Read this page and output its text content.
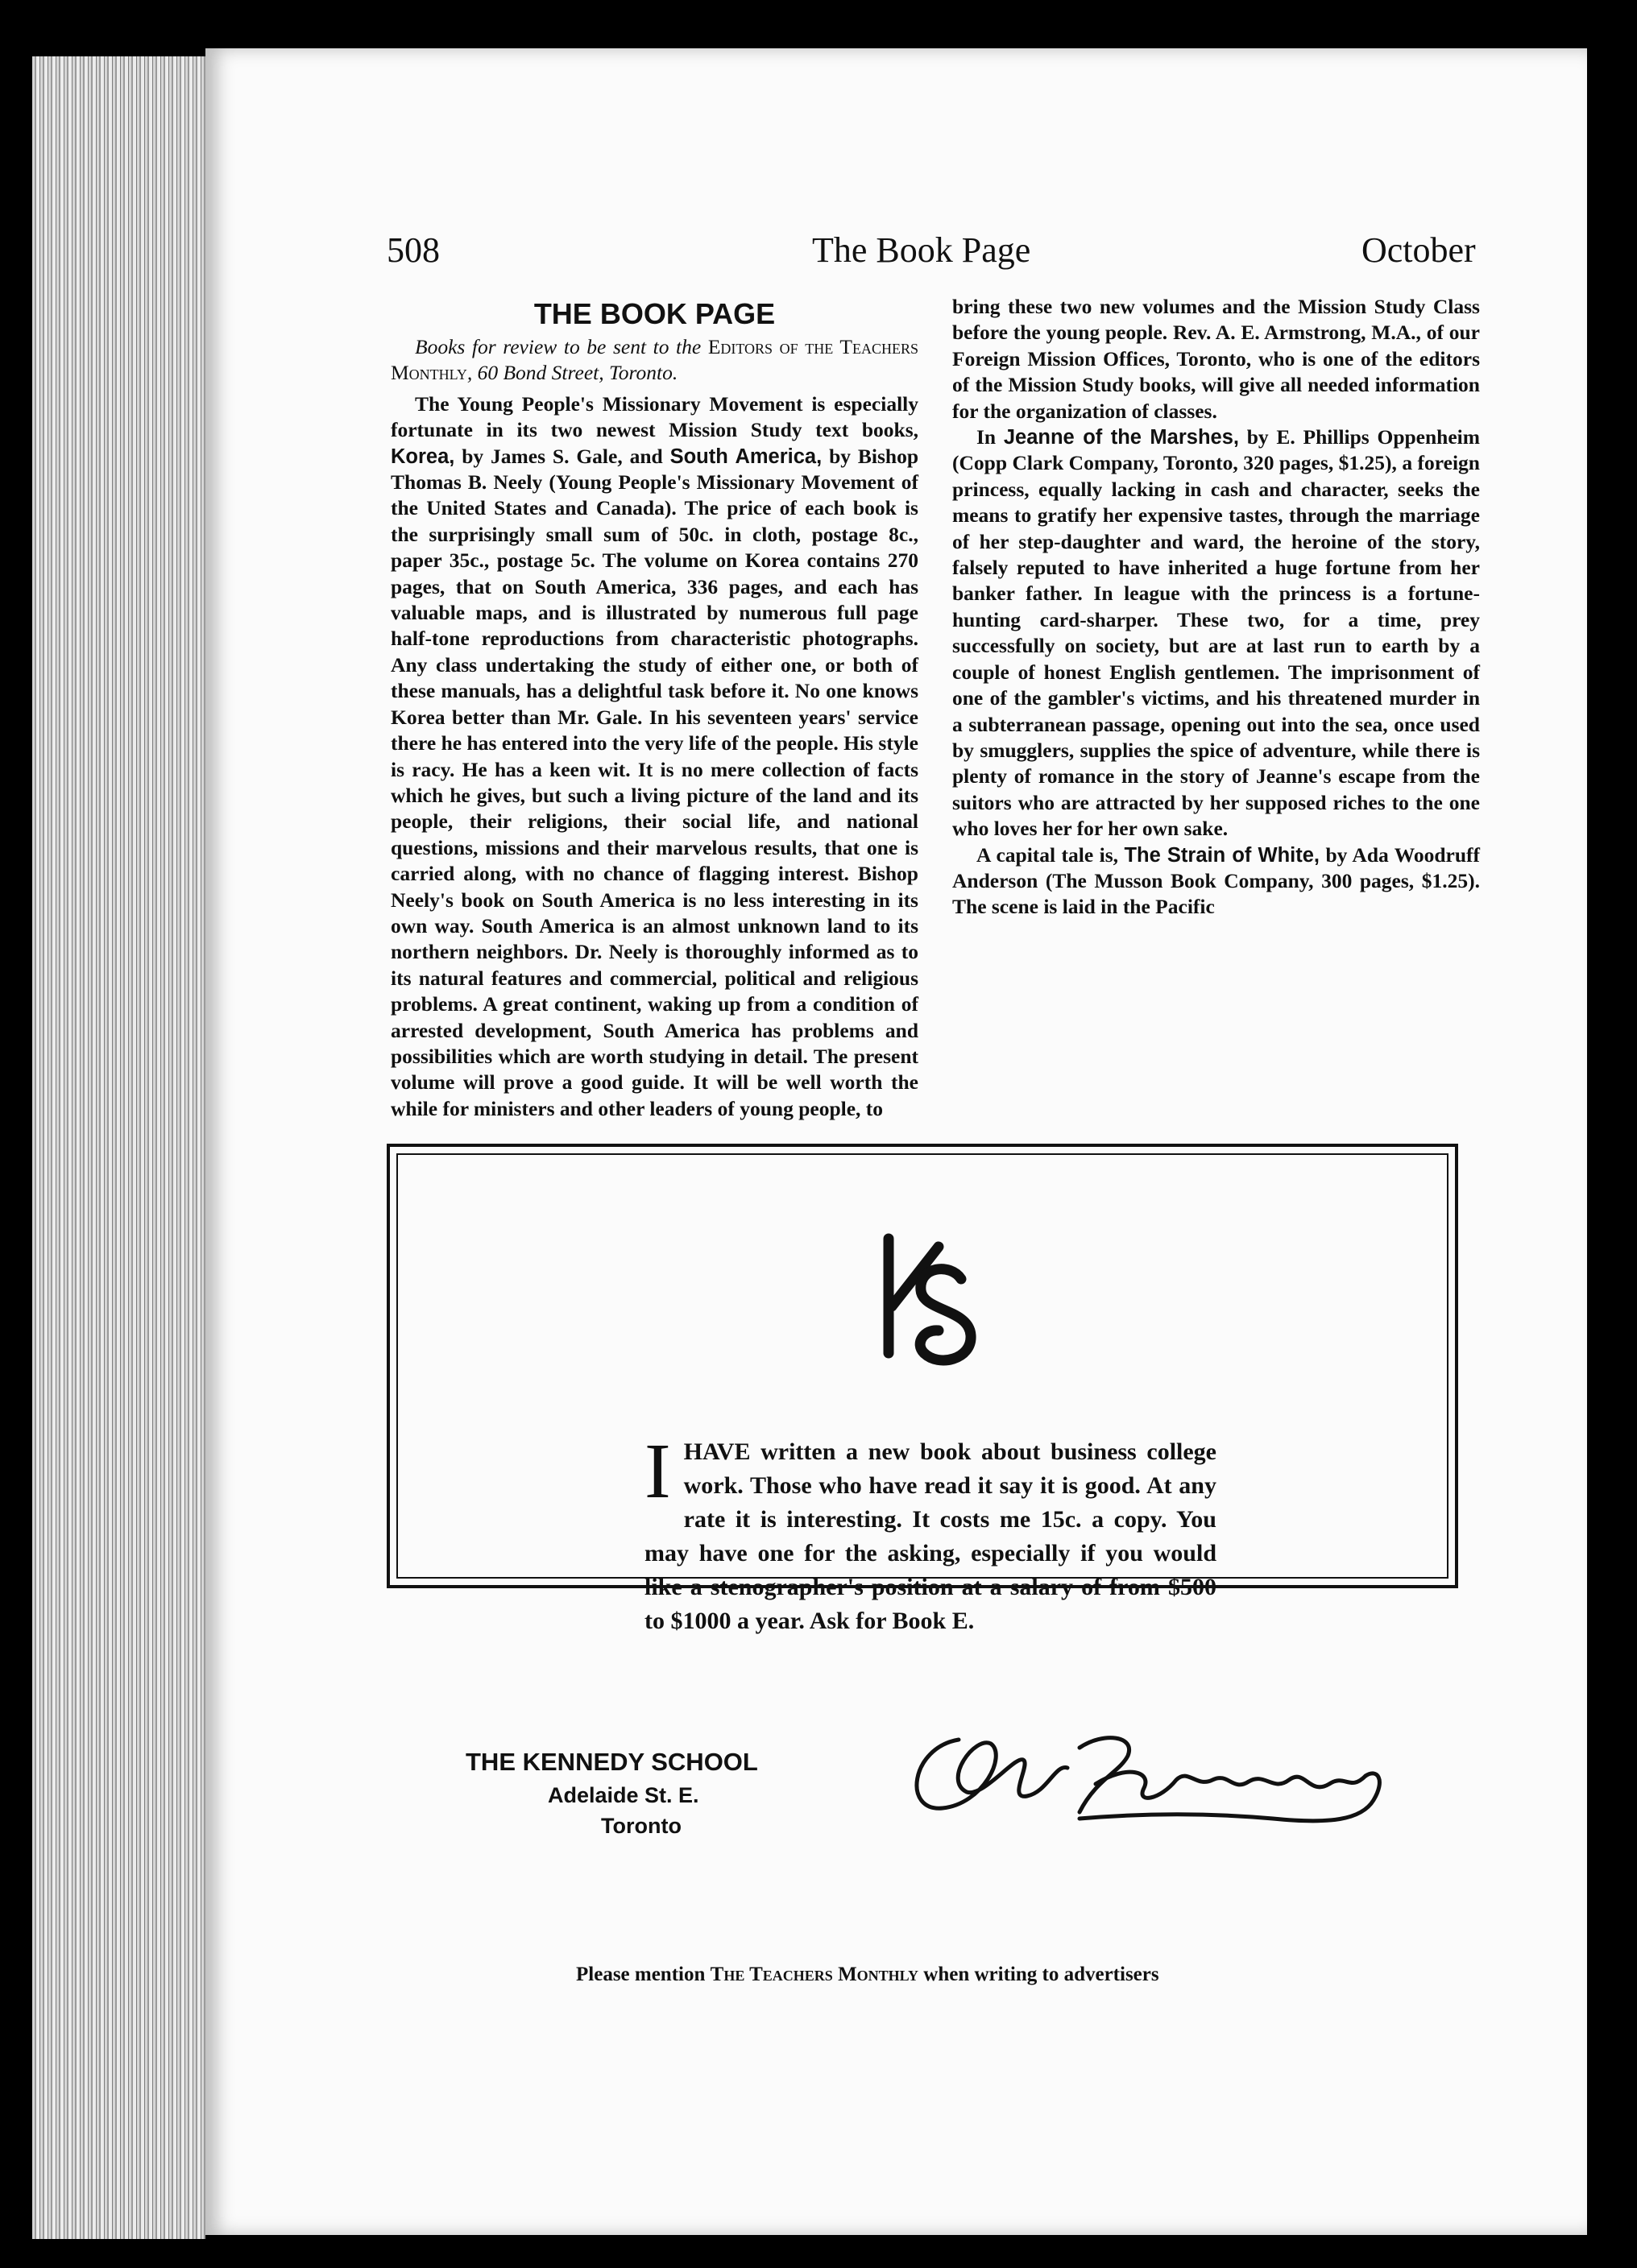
508	The Book Page	October
THE BOOK PAGE

Books for review to be sent to the Editors of the Teachers Monthly, 60 Bond Street, Toronto.

The Young People's Missionary Movement is especially fortunate in its two newest Mission Study text books, Korea, by James S. Gale, and South America, by Bishop Thomas B. Neely (Young People's Missionary Movement of the United States and Canada). The price of each book is the surprisingly small sum of 50c. in cloth, postage 8c., paper 35c., postage 5c. The volume on Korea contains 270 pages, that on South America, 336 pages, and each has valuable maps, and is illustrated by numerous full page half-tone reproductions from characteristic photographs. Any class undertaking the study of either one, or both of these manuals, has a delightful task before it. No one knows Korea better than Mr. Gale. In his seventeen years' service there he has entered into the very life of the people. His style is racy. He has a keen wit. It is no mere collection of facts which he gives, but such a living picture of the land and its people, their religions, their social life, and national questions, missions and their marvelous results, that one is carried along, with no chance of flagging interest. Bishop Neely's book on South America is no less interesting in its own way. South America is an almost unknown land to its northern neighbors. Dr. Neely is thoroughly informed as to its natural features and commercial, political and religious problems. A great continent, waking up from a condition of arrested development, South America has problems and possibilities which are worth studying in detail. The present volume will prove a good guide. It will be well worth the while for ministers and other leaders of young people, to

IHAVE written a new book about business college work. Those who have read it say it is good. At any rate it is interesting. It costs me 15c. a copy. You may have one for the asking, especially if you would like a stenographer's position at a salary of from $500 to $1000 a year. Ask for Book E.
THE KENNEDY SCHOOL
Adelaide St. E.
Toronto
Please mention The Teachers Monthly when writing to advertisers

bring these two new volumes and the Mission Study Class before the young people. Rev. A. E. Armstrong, M.A., of our Foreign Mission Offices, Toronto, who is one of the editors of the Mission Study books, will give all needed information for the organization of classes.

In Jeanne of the Marshes, by E. Phillips Oppenheim (Copp Clark Company, Toronto, 320 pages, $1.25), a foreign princess, equally lacking in cash and character, seeks the means to gratify her expensive tastes, through the marriage of her step-daughter and ward, the heroine of the story, falsely reputed to have inherited a huge fortune from her banker father. In league with the princess is a fortune-hunting card-sharper. These two, for a time, prey successfully on society, but are at last run to earth by a couple of honest English gentlemen. The imprisonment of one of the gambler's victims, and his threatened murder in a subterranean passage, opening out into the sea, once used by smugglers, supplies the spice of adventure, while there is plenty of romance in the story of Jeanne's escape from the suitors who are attracted by her supposed riches to the one who loves her for her own sake.

A capital tale is, The Strain of White, by Ada Woodruff Anderson (The Musson Book Company, 300 pages, $1.25). The scene is laid in the Pacific
